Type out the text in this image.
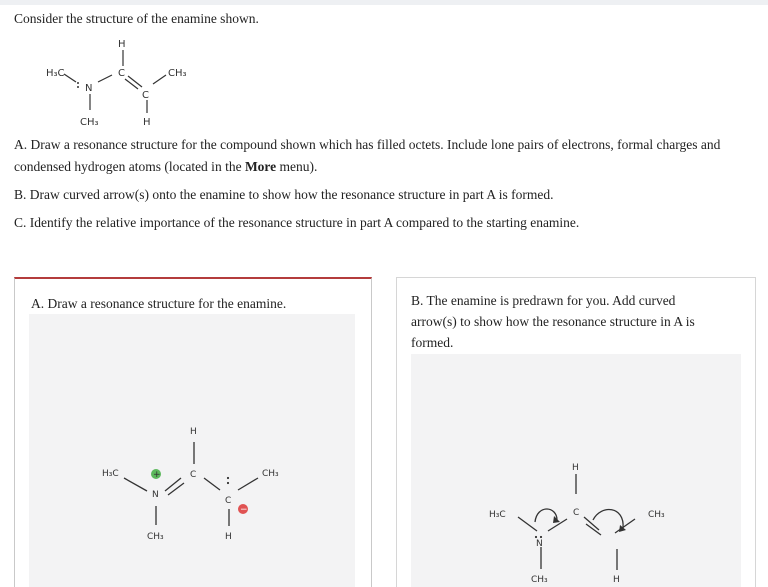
Consider the structure of the enamine shown.
H₃C
N
C
H
CH₃
C
CH₃	H
A. Draw a resonance structure for the compound shown which has filled octets. Include lone pairs of electrons, formal charges and condensed hydrogen atoms (located in the More menu).
B. Draw curved arrow(s) onto the enamine to show how the resonance structure in part A is formed.
C. Identify the relative importance of the resonance structure in part A compared to the starting enamine.
A. Draw a resonance structure for the enamine.
H₃C	+
N
C
H
CH₃
C
−
CH₃	H
B. The enamine is predrawn for you. Add curved arrow(s) to show how the resonance structure in A is formed.
H₃C
N
C
H
CH₃
CH₃	H
